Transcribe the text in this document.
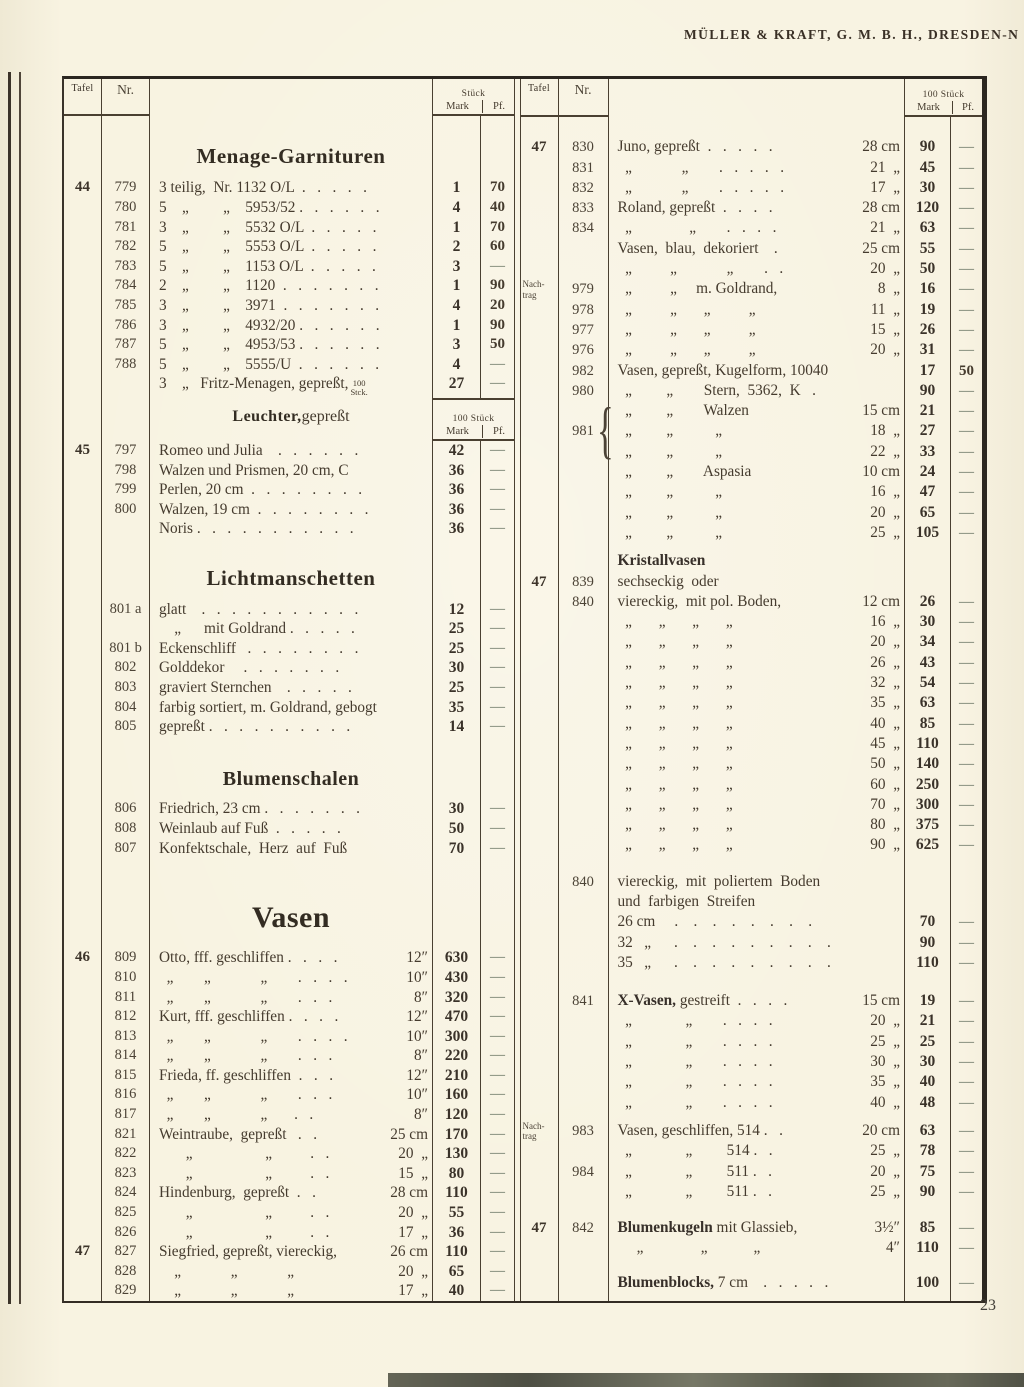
MÜLLER & KRAFT, G. M. B. H., DRESDEN-N
Tafel	Nr.	Stück
Mark	Pf.
Menage-Garnituren
44	779	3 teilig,  Nr. 1132 O/L  .   .   .   .   .	1	70
780	5    „         „    5953/52 .   .   .   .   .   .	4	40
781	3    „         „    5532 O/L  .   .   .   .   .	1	70
782	5    „         „    5553 O/L  .   .   .   .   .	2	60
783	5    „         „    1153 O/L  .   .   .   .   .	3	—
784	2    „         „    1120  .   .   .   .   .   .   .	1	90
785	3    „         „    3971  .   .   .   .   .   .   .	4	20
786	3    „         „    4932/20 .   .   .   .   .   .	1	90
787	5    „         „    4953/53 .   .   .   .   .   .	3	50
788	5    „         „    5555/U  .   .   .   .   .   .	4	—
3    „   Fritz-Menagen, gepreßt, 100
Stck.	27	—
Leuchter, gepreßt	100 Stück
Mark	Pf.
45	797	Romeo und Julia    .   .   .   .   .   .	42	—
798	Walzen und Prismen, 20 cm, C	36	—
799	Perlen, 20 cm  .   .   .   .   .   .   .   .	36	—
800	Walzen, 19 cm  .   .   .   .   .   .   .   .	36	—
Noris .   .   .   .   .   .   .   .   .   .   .	36	—
Lichtmanschetten
801 a	glatt    .   .   .   .   .   .   .   .   .   .   .	12	—
„      mit Goldrand .   .   .   .   .	25	—
801 b	Eckenschliff   .   .   .   .   .   .   .   .	25	—
802	Golddekor     .   .   .   .   .   .   .	30	—
803	graviert Sternchen    .   .   .   .   .	25	—
804	farbig sortiert, m. Goldrand, gebogt	35	—
805	gepreßt .   .   .   .   .   .   .   .   .   .	14	—
Blumenschalen
806	Friedrich, 23 cm .   .   .   .   .   .   .	30	—
808	Weinlaub auf Fuß  .   .   .   .   .	50	—
807	Konfektschale,  Herz  auf  Fuß	70	—
Vasen
46	809	Otto, fff. geschliffen .   .   .   .	12″	630	—
810	„        „             „        .   .   .   .	10″	430	—
811	„        „             „        .   .   .	8″	320	—
812	Kurt, fff. geschliffen .   .   .   .	12″	470	—
813	„        „             „        .   .   .   .	10″	300	—
814	„        „             „        .   .   .	8″	220	—
815	Frieda, ff. geschliffen  .   .   .	12″	210	—
816	„        „             „        .   .   .	10″	160	—
817	„        „             „       .   .	8″	120	—
821	Weintraube,  gepreßt   .   .	25 cm	170	—
822	„                   „          .   .	20  „	130	—
823	„                   „          .   .	15  „	80	—
824	Hindenburg,  gepreßt  .   .	28 cm	110	—
825	„                   „          .   .	20  „	55	—
826	„                   „          .   .	17  „	36	—
47	827	Siegfried, gepreßt, viereckig,	26 cm	110	—
828	„             „             „	20  „	65	—
829	„             „             „	17  „	40	—
Tafel	Nr.	100 Stück
Mark	Pf.
47	830	Juno, gepreßt  .   .   .   .   .	28 cm	90	—
831	„             „        .   .   .   .   .	21  „	45	—
832	„             „        .   .   .   .   .	17  „	30	—
833	Roland, gepreßt  .   .   .   .	28 cm	120	—
834	„               „        .   .   .   .	21  „	63	—
Vasen,  blau,  dekoriert    .	25 cm	55	—
„          „             „        .   .	20  „	50	—
Nach-
trag	979	„          „     m. Goldrand,	8  „	16	—
978	„          „       „          „	11  „	19	—
977	„          „       „          „	15  „	26	—
976	„          „       „          „	20  „	31	—
982	Vasen, gepreßt, Kugelform, 10040	17	50
980	„         „        Stern,  5362,  K   .	90	—
„         „        Walzen	15 cm	21	—
981 { „         „           „	18  „	27	—
„         „           „	22  „	33	—
„         „        Aspasia	10 cm	24	—
„         „           „	16  „	47	—
„         „           „	20  „	65	—
„         „           „	25  „	105	—
Kristallvasen
47	839	sechseckig  oder
840	viereckig,  mit pol. Boden,	12 cm	26	—
„       „       „       „	16  „	30	—
„       „       „       „	20  „	34	—
„       „       „       „	26  „	43	—
„       „       „       „	32  „	54	—
„       „       „       „	35  „	63	—
„       „       „       „	40  „	85	—
„       „       „       „	45  „	110	—
„       „       „       „	50  „	140	—
„       „       „       „	60  „	250	—
„       „       „       „	70  „	300	—
„       „       „       „	80  „	375	—
„       „       „       „	90  „	625	—
840	viereckig,  mit  poliertem  Boden
und  farbigen  Streifen
26 cm     .    .    .    .    .    .    .    .	70	—
32   „      .    .    .    .    .    .    .    .    .	90	—
35   „      .    .    .    .    .    .    .    .    .	110	—
841	X-Vasen, gestreift  .   .   .   .	15 cm	19	—
„              „        .   .   .   .	20  „	21	—
„              „        .   .   .   .	25  „	25	—
„              „        .   .   .   .	30  „	30	—
„              „        .   .   .   .	35  „	40	—
„              „        .   .   .   .	40  „	48	—
Nach-
trag	983	Vasen, geschliffen, 514 .   .	20 cm	63	—
„              „         514 .   .	25  „	78	—
984	„              „         511 .   .	20  „	75	—
„              „         511 .   .	25  „	90	—
47	842	Blumenkugeln mit Glassieb,	3½″	85	—
„               „            „	4″	110	—
Blumenblocks, 7 cm    .   .   .   .   .	100	—
23
